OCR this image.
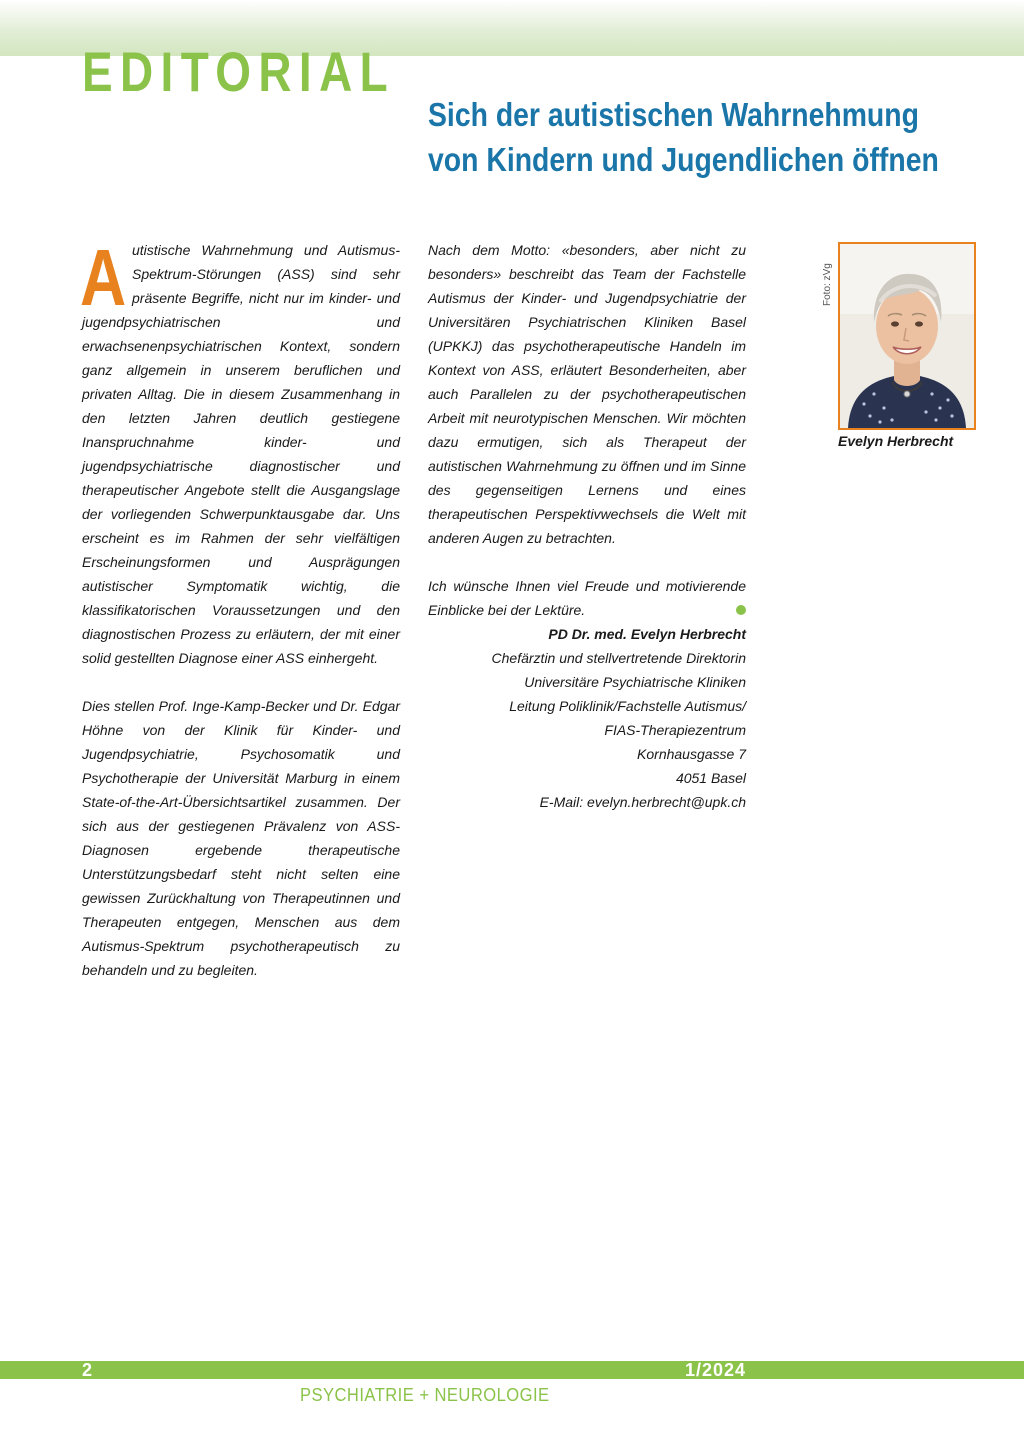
EDITORIAL
Sich der autistischen Wahrnehmung
von Kindern und Jugendlichen öffnen

Autistische Wahrnehmung und Autismus-Spektrum-Störungen (ASS) sind sehr präsente Begriffe, nicht nur im kinder- und jugendpsychiatrischen und erwachsenenpsychiatrischen Kontext, sondern ganz allgemein in unserem beruflichen und privaten Alltag. Die in diesem Zusammenhang in den letzten Jahren deutlich gestiegene Inanspruchnahme kinder- und jugendpsychiatrische diagnostischer und therapeutischer Angebote stellt die Ausgangslage der vorliegenden Schwerpunktausgabe dar. Uns erscheint es im Rahmen der sehr vielfältigen Erscheinungsformen und Ausprägungen autistischer Symptomatik wichtig, die klassifikatorischen Voraussetzungen und den diagnostischen Prozess zu erläutern, der mit einer solid gestellten Diagnose einer ASS einhergeht.

Dies stellen Prof. Inge-Kamp-Becker und Dr. Edgar Höhne von der Klinik für Kinder- und Jugendpsychiatrie, Psychosomatik und Psychotherapie der Universität Marburg in einem State-of-the-Art-Übersichtsartikel zusammen. Der sich aus der gestiegenen Prävalenz von ASS-Diagnosen ergebende therapeutische Unterstützungsbedarf steht nicht selten eine gewissen Zurückhaltung von Therapeutinnen und Therapeuten entgegen, Menschen aus dem Autismus-Spektrum psychotherapeutisch zu behandeln und zu begleiten.

Nach dem Motto: «besonders, aber nicht zu besonders» beschreibt das Team der Fachstelle Autismus der Kinder- und Jugendpsychiatrie der Universitären Psychiatrischen Kliniken Basel (UPKKJ) das psychotherapeutische Handeln im Kontext von ASS, erläutert Besonderheiten, aber auch Parallelen zu der psychotherapeutischen Arbeit mit neurotypischen Menschen. Wir möchten dazu ermutigen, sich als Therapeut der autistischen Wahrnehmung zu öffnen und im Sinne des gegenseitigen Lernens und eines therapeutischen Perspektivwechsels die Welt mit anderen Augen zu betrachten.

Ich wünsche Ihnen viel Freude und motivierende Einblicke bei der Lektüre.

PD Dr. med. Evelyn Herbrecht
Chefärztin und stellvertretende Direktorin
Universitäre Psychiatrische Kliniken
Leitung Poliklinik/Fachstelle Autismus/
FIAS-Therapiezentrum
Kornhausgasse 7
4051 Basel
E-Mail: evelyn.herbrecht@upk.ch
Foto: zVg
Evelyn Herbrecht
2	1/2024
PSYCHIATRIE + NEUROLOGIE
